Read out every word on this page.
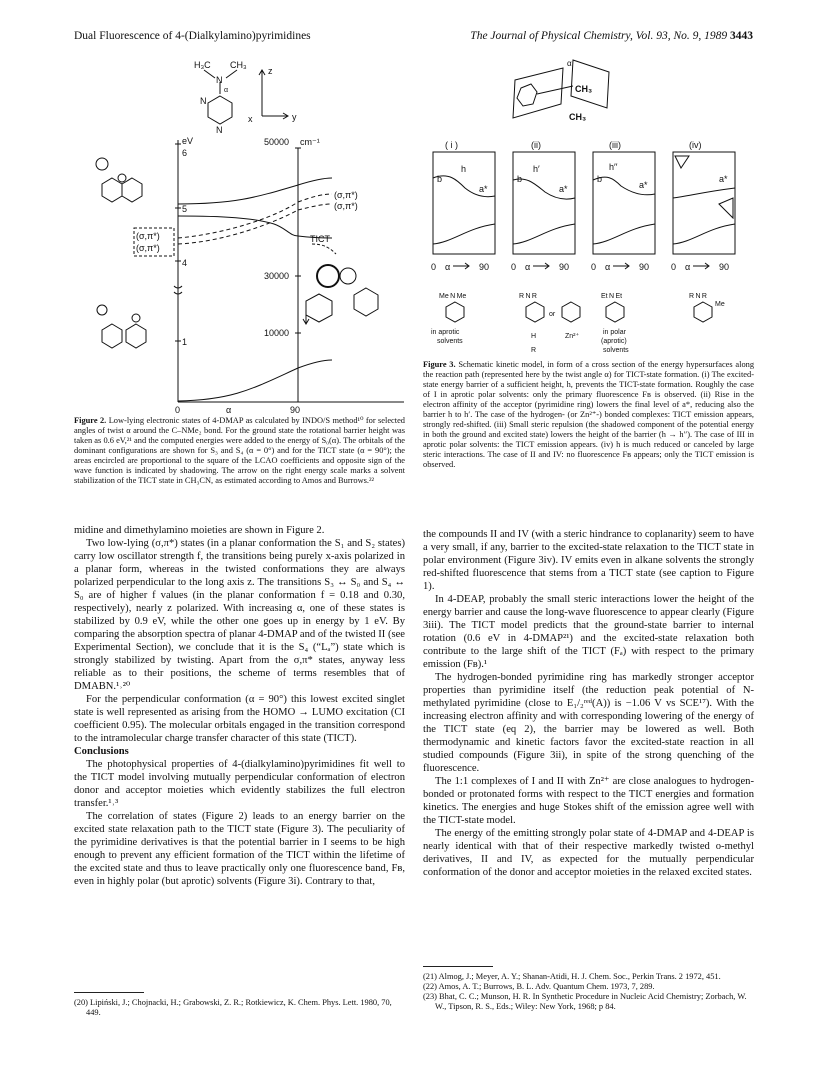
Dual Fluorescence of 4-(Dialkylamino)pyrimidines	The Journal of Physical Chemistry, Vol. 93, No. 9, 1989 3443
H₃C
N
CH₃
α
N
N
z
x	y
eV
6
5
4
1
50000 cm⁻¹
30000
10000
(σ,π*)
(σ,π*)
(σ,π*)
(σ,π*)
TICT
0	α	90
Figure 2. Low-lying electronic states of 4-DMAP as calculated by INDO/S method¹⁰ for selected angles of twist α around the C–NMe₂ bond. For the ground state the rotational barrier height was taken as 0.6 eV,²¹ and the computed energies were added to the energy of S₀(α). The orbitals of the dominant configurations are shown for S₃ and S₄ (α = 0°) and for the TICT state (α = 90°); the areas encircled are proportional to the square of the LCAO coefficients and opposite sign of the wave function is indicated by shadowing. The arrow on the right energy scale marks a solvent stabilization of the TICT state in CH₃CN, as estimated according to Amos and Burrows.²²
α
CH₃
CH₃
( i )
b
h
a*
0 α	90
(ii)
b
h′
a*
0 α	90
(iii)
b
h′′
a*
0 α	90
(iv)
a*
0 α	90
Me N Me
in aprotic
solvents
R N R
or
H	Zn²⁺
R
Et N Et
in polar
(aprotic)
solvents
R N R
Me
Figure 3. Schematic kinetic model, in form of a cross section of the energy hypersurfaces along the reaction path (represented here by the twist angle α) for TICT-state formation. (i) The excited-state energy barrier of a sufficient height, h, prevents the TICT-state formation. Roughly the case of I in aprotic polar solvents: only the primary fluorescence Fʙ is observed. (ii) Rise in the electron affinity of the acceptor (pyrimidine ring) lowers the final level of a*, reducing also the barrier h to h′. The case of the hydrogen- (or Zn²⁺-) bonded complexes: TICT emission appears, strongly red-shifted. (iii) Small steric repulsion (the shadowed component of the potential energy in both the ground and excited state) lowers the height of the barrier (h → h′′). The case of III in aprotic polar solvents: the TICT emission appears. (iv) h is much reduced or canceled by large steric interactions. The case of II and IV: no fluorescence Fʙ appears; only the TICT emission is observed.

midine and dimethylamino moieties are shown in Figure 2.

Two low-lying (σ,π*) states (in a planar conformation the S₁ and S₂ states) carry low oscillator strength f, the transitions being purely x-axis polarized in a planar form, whereas in the twisted conformations they are always polarized perpendicular to the long axis z. The transitions S₃ ↔ S₀ and S₄ ↔ S₀ are of higher f values (in the planar conformation f = 0.18 and 0.30, respectively), nearly z polarized. With increasing α, one of these states is stabilized by 0.9 eV, while the other one goes up in energy by 1 eV. By comparing the absorption spectra of planar 4-DMAP and of the twisted II (see Experimental Section), we conclude that it is the S₄ (“Lₐ”) state which is strongly stabilized by twisting. Apart from the σ,π* states, anyway less reliable as to their positions, the scheme of terms resembles that of DMABN.¹˒²⁰

For the perpendicular conformation (α = 90°) this lowest excited singlet state is well represented as arising from the HOMO → LUMO excitation (CI coefficient 0.95). The molecular orbitals engaged in the transition correspond to the intramolecular charge transfer character of this state (TICT).

Conclusions

The photophysical properties of 4-(dialkylamino)pyrimidines fit well to the TICT model involving mutually perpendicular conformation of electron donor and acceptor moieties which evidently stabilizes the full electron transfer.¹˒³

The correlation of states (Figure 2) leads to an energy barrier on the excited state relaxation path to the TICT state (Figure 3). The peculiarity of the pyrimidine derivatives is that the potential barrier in I seems to be high enough to prevent any efficient formation of the TICT within the lifetime of the excited state and thus to leave practically only one fluorescence band, Fʙ, even in highly polar (but aprotic) solvents (Figure 3i). Contrary to that,

(20) Lipiński, J.; Chojnacki, H.; Grabowski, Z. R.; Rotkiewicz, K. Chem. Phys. Lett. 1980, 70, 449.

the compounds II and IV (with a steric hindrance to coplanarity) seem to have a very small, if any, barrier to the excited-state relaxation to the TICT state in polar environment (Figure 3iv). IV emits even in alkane solvents the strongly red-shifted fluorescence that stems from a TICT state (see caption to Figure 1).

In 4-DEAP, probably the small steric interactions lower the height of the energy barrier and cause the long-wave fluorescence to appear clearly (Figure 3iii). The TICT model predicts that the ground-state barrier to internal rotation (0.6 eV in 4-DMAP²¹) and the excited-state relaxation both contribute to the large shift of the TICT (Fₐ) with respect to the primary emission (Fʙ).¹

The hydrogen-bonded pyrimidine ring has markedly stronger acceptor properties than pyrimidine itself (the reduction peak potential of N-methylated pyrimidine (close to E₁/₂ʳᵉᵈ(A)) is −1.06 V vs SCE¹⁷). With the increasing electron affinity and with corresponding lowering of the energy of the TICT state (eq 2), the barrier may be lowered as well. Both thermodynamic and kinetic factors favor the excited-state reaction in all studied compounds (Figure 3ii), in spite of the strong quenching of the fluorescence.

The 1:1 complexes of I and II with Zn²⁺ are close analogues to hydrogen-bonded or protonated forms with respect to the TICT energies and formation kinetics. The energies and huge Stokes shift of the emission agree well with the TICT-state model.

The energy of the emitting strongly polar state of 4-DMAP and 4-DEAP is nearly identical with that of their respective markedly twisted o-methyl derivatives, II and IV, as expected for the mutually perpendicular conformation of the donor and acceptor moieties in the relaxed excited states.

(21) Almog, J.; Meyer, A. Y.; Shanan-Atidi, H. J. Chem. Soc., Perkin Trans. 2 1972, 451.

(22) Amos, A. T.; Burrows, B. L. Adv. Quantum Chem. 1973, 7, 289.

(23) Bhat, C. C.; Munson, H. R. In Synthetic Procedure in Nucleic Acid Chemistry; Zorbach, W. W., Tipson, R. S., Eds.; Wiley: New York, 1968; p 84.
